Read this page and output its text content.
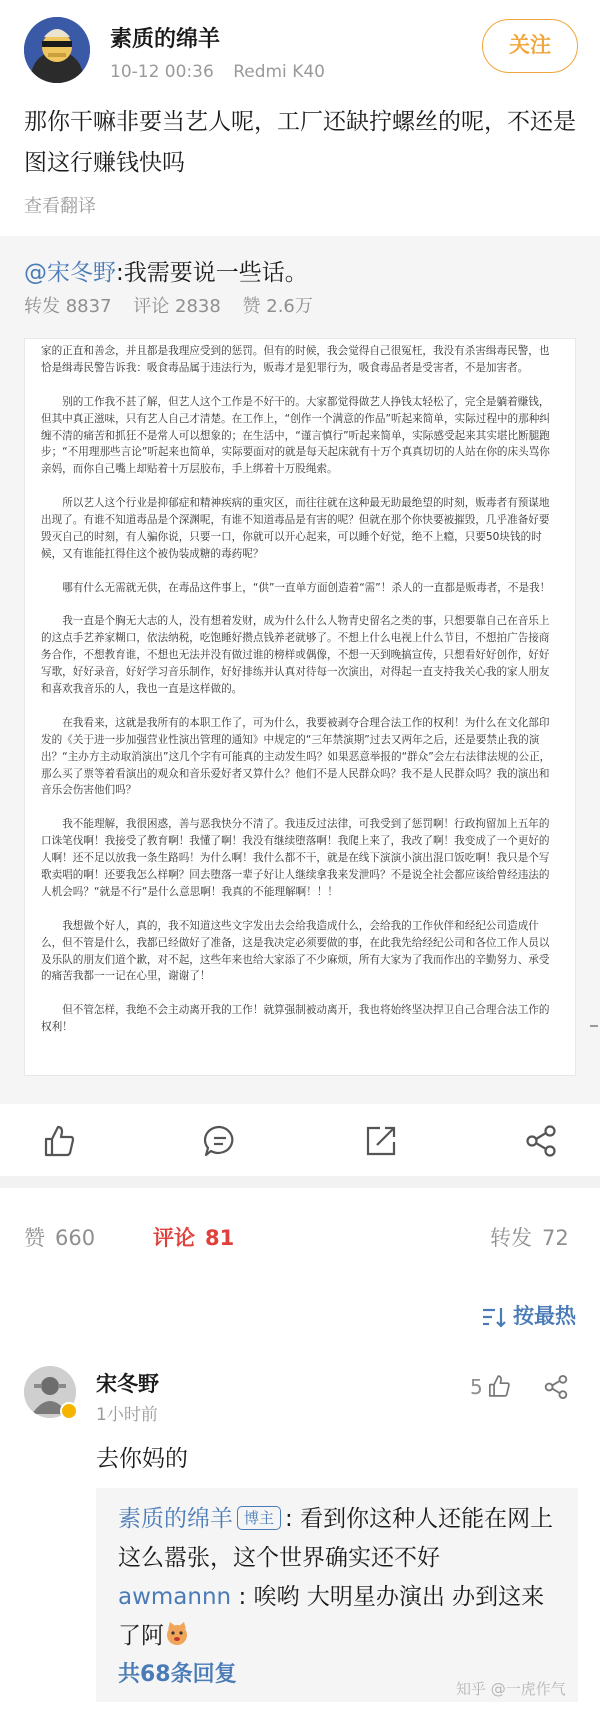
素质的绵羊
10-12 00:36 Redmi K40
关注
那你干嘛非要当艺人呢，工厂还缺拧螺丝的呢，不还是图这行赚钱快吗
查看翻译
@宋冬野:我需要说一些话。
转发 8837 评论 2838 赞 2.6万

家的正直和善念，并且都是我理应受到的惩罚。但有的时候，我会觉得自己很冤枉，我没有杀害缉毒民警，也恰是缉毒民警告诉我：吸食毒品属于违法行为，贩毒才是犯罪行为，吸食毒品者是受害者，不是加害者。

别的工作我不甚了解，但艺人这个工作是不好干的。大家都觉得做艺人挣钱太轻松了，完全是躺着赚钱，但其中真正滋味，只有艺人自己才清楚。在工作上，“创作一个满意的作品”听起来简单，实际过程中的那种纠缠不清的痛苦和抓狂不是常人可以想象的；在生活中，“谨言慎行”听起来简单，实际感受起来其实堪比断腿跑步；“不用理那些言论”听起来也简单，实际要面对的就是每天起床就有十万个真真切切的人站在你的床头骂你亲妈，而你自己嘴上却贴着十万层胶布，手上绑着十万股绳索。

所以艺人这个行业是抑郁症和精神疾病的重灾区，而往往就在这种最无助最绝望的时刻，贩毒者有预谋地出现了。有谁不知道毒品是个深渊呢，有谁不知道毒品是有害的呢？但就在那个你快要被摧毁，几乎准备好要毁灭自己的时刻，有人骗你说，只要一口，你就可以开心起来，可以睡个好觉，绝不上瘾，只要50块钱的时候，又有谁能扛得住这个被伪装成糖的毒药呢？

哪有什么无需就无供，在毒品这件事上，“供”一直单方面创造着“需”！杀人的一直都是贩毒者，不是我！

我一直是个胸无大志的人，没有想着发财，成为什么什么人物青史留名之类的事，只想要靠自己在音乐上的这点手艺养家糊口，依法纳税，吃饱睡好攒点钱养老就够了。不想上什么电视上什么节目，不想拍广告接商务合作，不想教育谁，不想也无法并没有做过谁的榜样或偶像，不想一天到晚搞宣传，只想看好好创作，好好写歌，好好录音，好好学习音乐制作，好好排练并认真对待每一次演出，对得起一直支持我关心我的家人朋友和喜欢我音乐的人，我也一直是这样做的。

在我看来，这就是我所有的本职工作了，可为什么，我要被剥夺合理合法工作的权利！为什么在文化部印发的《关于进一步加强营业性演出管理的通知》中规定的“三年禁演期”过去又两年之后，还是要禁止我的演出？“主办方主动取消演出”这几个字有可能真的主动发生吗？如果恶意举报的“群众”会左右法律法规的公正，那么买了票等着看演出的观众和音乐爱好者又算什么？他们不是人民群众吗？我不是人民群众吗？我的演出和音乐会伤害他们吗？

我不能理解，我很困惑，善与恶我快分不清了。我违反过法律，可我受到了惩罚啊！行政拘留加上五年的口诛笔伐啊！我接受了教育啊！我懂了啊！我没有继续堕落啊！我爬上来了，我改了啊！我变成了一个更好的人啊！还不足以放我一条生路吗！为什么啊！我什么都不干，就是在线下演演小演出混口饭吃啊！我只是个写歌卖唱的啊！还要我怎么样啊？回去堕落一辈子好让人继续拿我来发泄吗？不是说全社会都应该给曾经违法的人机会吗？“就是不行”是什么意思啊！我真的不能理解啊！！！

我想做个好人，真的，我不知道这些文字发出去会给我造成什么，会给我的工作伙伴和经纪公司造成什么，但不管是什么，我都已经做好了准备，这是我决定必须要做的事，在此我先给经纪公司和各位工作人员以及乐队的朋友们道个歉，对不起，这些年来也给大家添了不少麻烦，所有大家为了我而作出的辛勤努力、承受的痛苦我都一一记在心里，谢谢了！

但不管怎样，我绝不会主动离开我的工作！就算强制被动离开，我也将始终坚决捍卫自己合理合法工作的权利！

赞 660	评论 81	转发 72
按最热
宋冬野
1小时前
5
去你妈的
素质的绵羊 博主 : 看到你这种人还能在网上这么嚣张，这个世界确实还不好
awmannn : 唉哟 大明星办演出 办到这来了阿
共68条回复
知乎 @一虎作气
